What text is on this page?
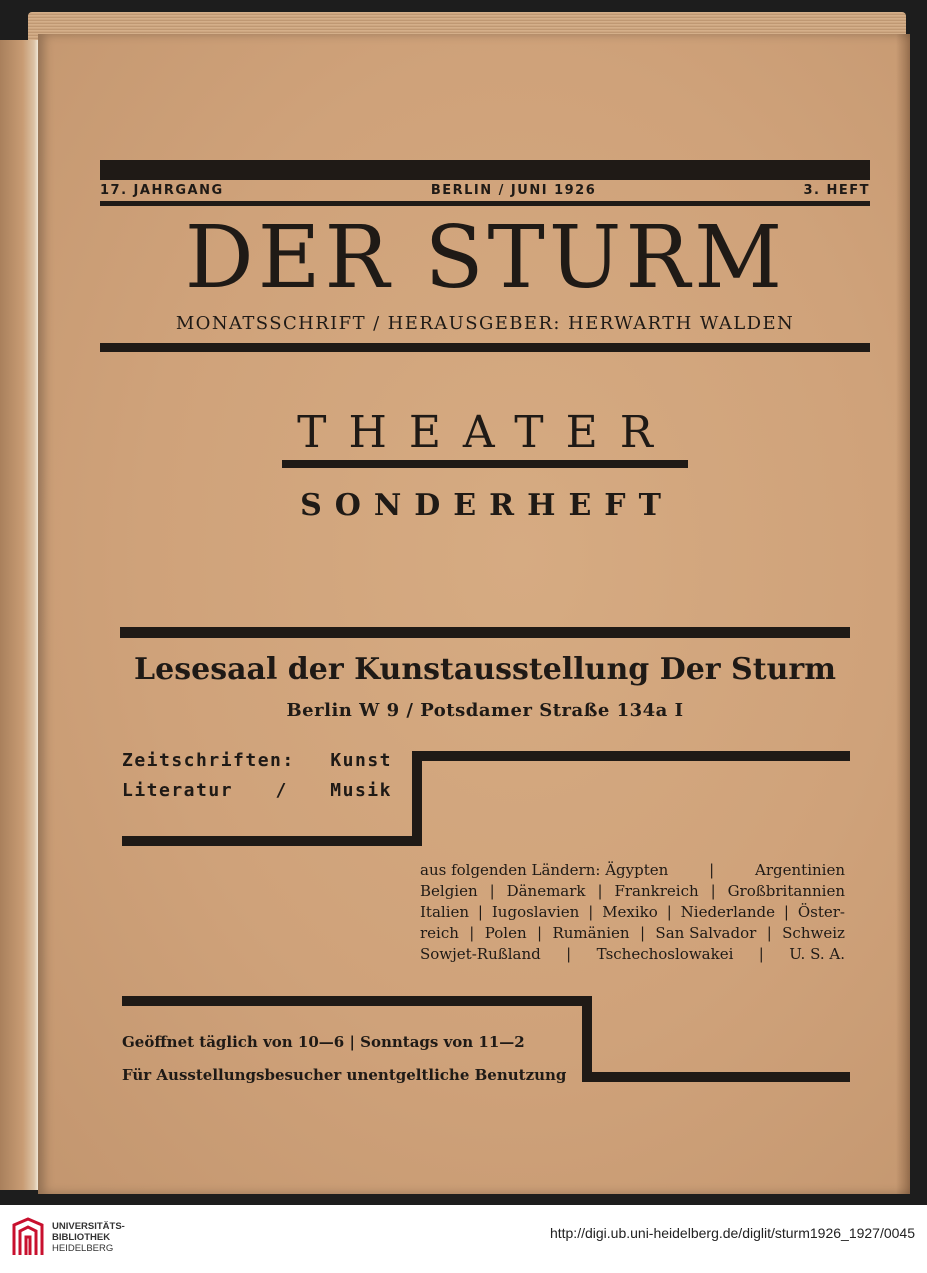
17. JAHRGANG	BERLIN / JUNI 1926	3. HEFT
DER STURM
MONATSSCHRIFT / HERAUSGEBER: HERWARTH WALDEN
THEATER
SONDERHEFT
Lesesaal der Kunstausstellung Der Sturm
Berlin W 9 / Potsdamer Straße 134a I
Zeitschriften: Kunst
Literatur / Musik
aus folgenden Ländern: Ägypten	|	Argentinien
Belgien | Dänemark | Frankreich | Großbritannien
Italien | Iugoslavien | Mexiko | Niederlande | Öster-
reich | Polen | Rumänien | San Salvador | Schweiz
Sowjet-Rußland | Tschechoslowakei | U. S. A.
Geöffnet täglich von 10—6 | Sonntags von 11—2
Für Ausstellungsbesucher unentgeltliche Benutzung
UNIVERSITÄTS-
BIBLIOTHEK
HEIDELBERG
http://digi.ub.uni-heidelberg.de/diglit/sturm1926_1927/0045
